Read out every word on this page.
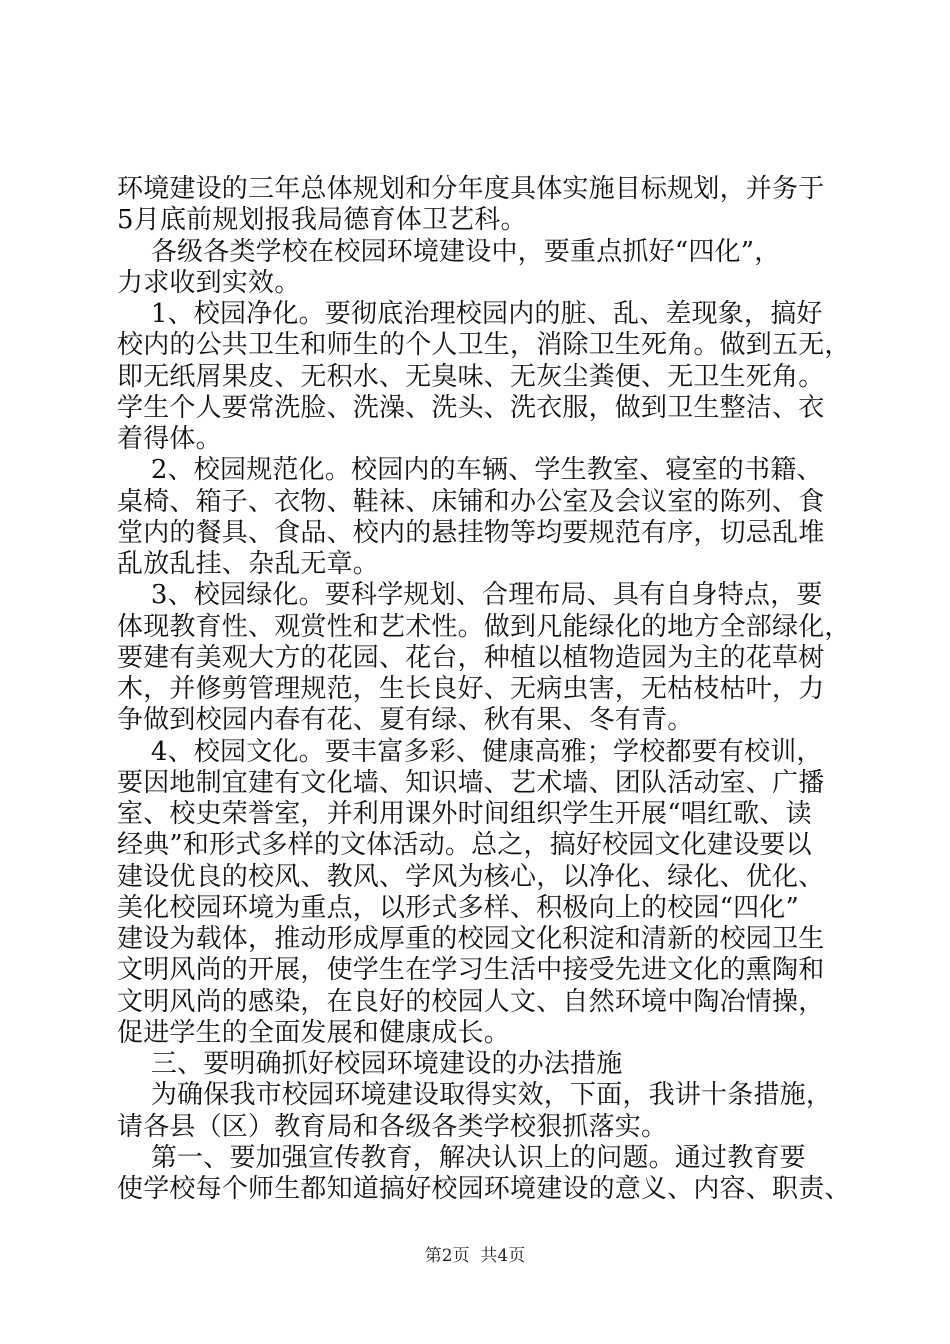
环境建设的三年总体规划和分年度具体实施目标规划，并务于

5月底前规划报我局德育体卫艺科。

各级各类学校在校园环境建设中，要重点抓好“四化”，

力求收到实效。

1、校园净化。要彻底治理校园内的脏、乱、差现象，搞好

校内的公共卫生和师生的个人卫生，消除卫生死角。做到五无，

即无纸屑果皮、无积水、无臭味、无灰尘粪便、无卫生死角。

学生个人要常洗脸、洗澡、洗头、洗衣服，做到卫生整洁、衣

着得体。

2、校园规范化。校园内的车辆、学生教室、寝室的书籍、

桌椅、箱子、衣物、鞋袜、床铺和办公室及会议室的陈列、食

堂内的餐具、食品、校内的悬挂物等均要规范有序，切忌乱堆

乱放乱挂、杂乱无章。

3、校园绿化。要科学规划、合理布局、具有自身特点，要

体现教育性、观赏性和艺术性。做到凡能绿化的地方全部绿化，

要建有美观大方的花园、花台，种植以植物造园为主的花草树

木，并修剪管理规范，生长良好、无病虫害，无枯枝枯叶，力

争做到校园内春有花、夏有绿、秋有果、冬有青。

4、校园文化。要丰富多彩、健康高雅；学校都要有校训，

要因地制宜建有文化墙、知识墙、艺术墙、团队活动室、广播

室、校史荣誉室，并利用课外时间组织学生开展“唱红歌、读

经典”和形式多样的文体活动。总之，搞好校园文化建设要以

建设优良的校风、教风、学风为核心，以净化、绿化、优化、

美化校园环境为重点，以形式多样、积极向上的校园“四化”

建设为载体，推动形成厚重的校园文化积淀和清新的校园卫生

文明风尚的开展，使学生在学习生活中接受先进文化的熏陶和

文明风尚的感染，在良好的校园人文、自然环境中陶冶情操，

促进学生的全面发展和健康成长。

三、要明确抓好校园环境建设的办法措施

为确保我市校园环境建设取得实效，下面，我讲十条措施，

请各县（区）教育局和各级各类学校狠抓落实。

第一、要加强宣传教育，解决认识上的问题。通过教育要

使学校每个师生都知道搞好校园环境建设的意义、内容、职责、

第2页  共4页
